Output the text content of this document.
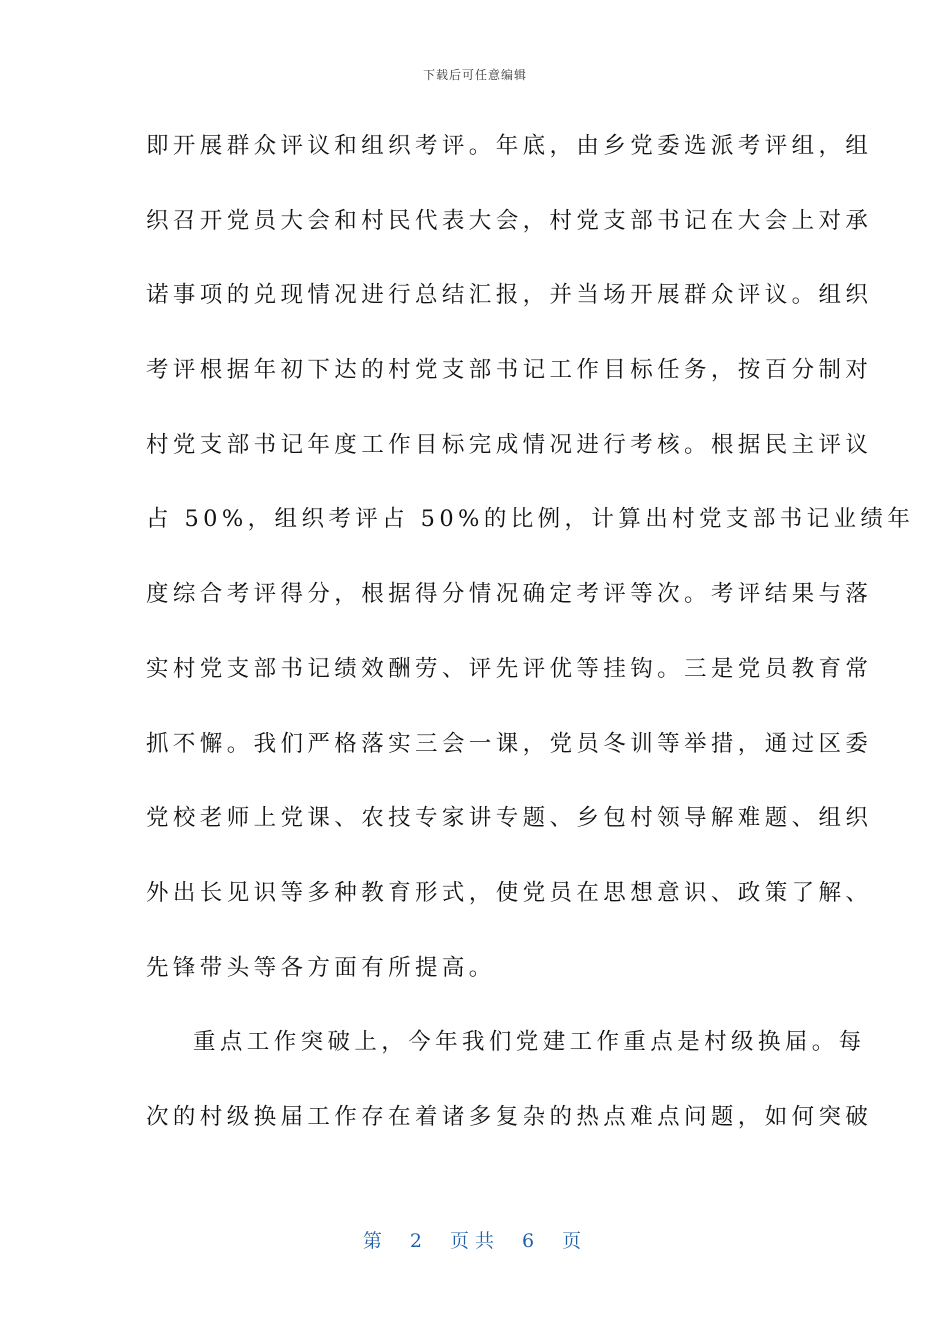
下载后可任意编辑
即开展群众评议和组织考评。年底，由乡党委选派考评组，组
织召开党员大会和村民代表大会，村党支部书记在大会上对承
诺事项的兑现情况进行总结汇报，并当场开展群众评议。组织
考评根据年初下达的村党支部书记工作目标任务，按百分制对
村党支部书记年度工作目标完成情况进行考核。根据民主评议
占 50%，组织考评占 50%的比例，计算出村党支部书记业绩年
度综合考评得分，根据得分情况确定考评等次。考评结果与落
实村党支部书记绩效酬劳、评先评优等挂钩。三是党员教育常
抓不懈。我们严格落实三会一课，党员冬训等举措，通过区委
党校老师上党课、农技专家讲专题、乡包村领导解难题、组织
外出长见识等多种教育形式，使党员在思想意识、政策了解、
先锋带头等各方面有所提高。
重点工作突破上，今年我们党建工作重点是村级换届。每
次的村级换届工作存在着诸多复杂的热点难点问题，如何突破
第 2 页共 6 页
